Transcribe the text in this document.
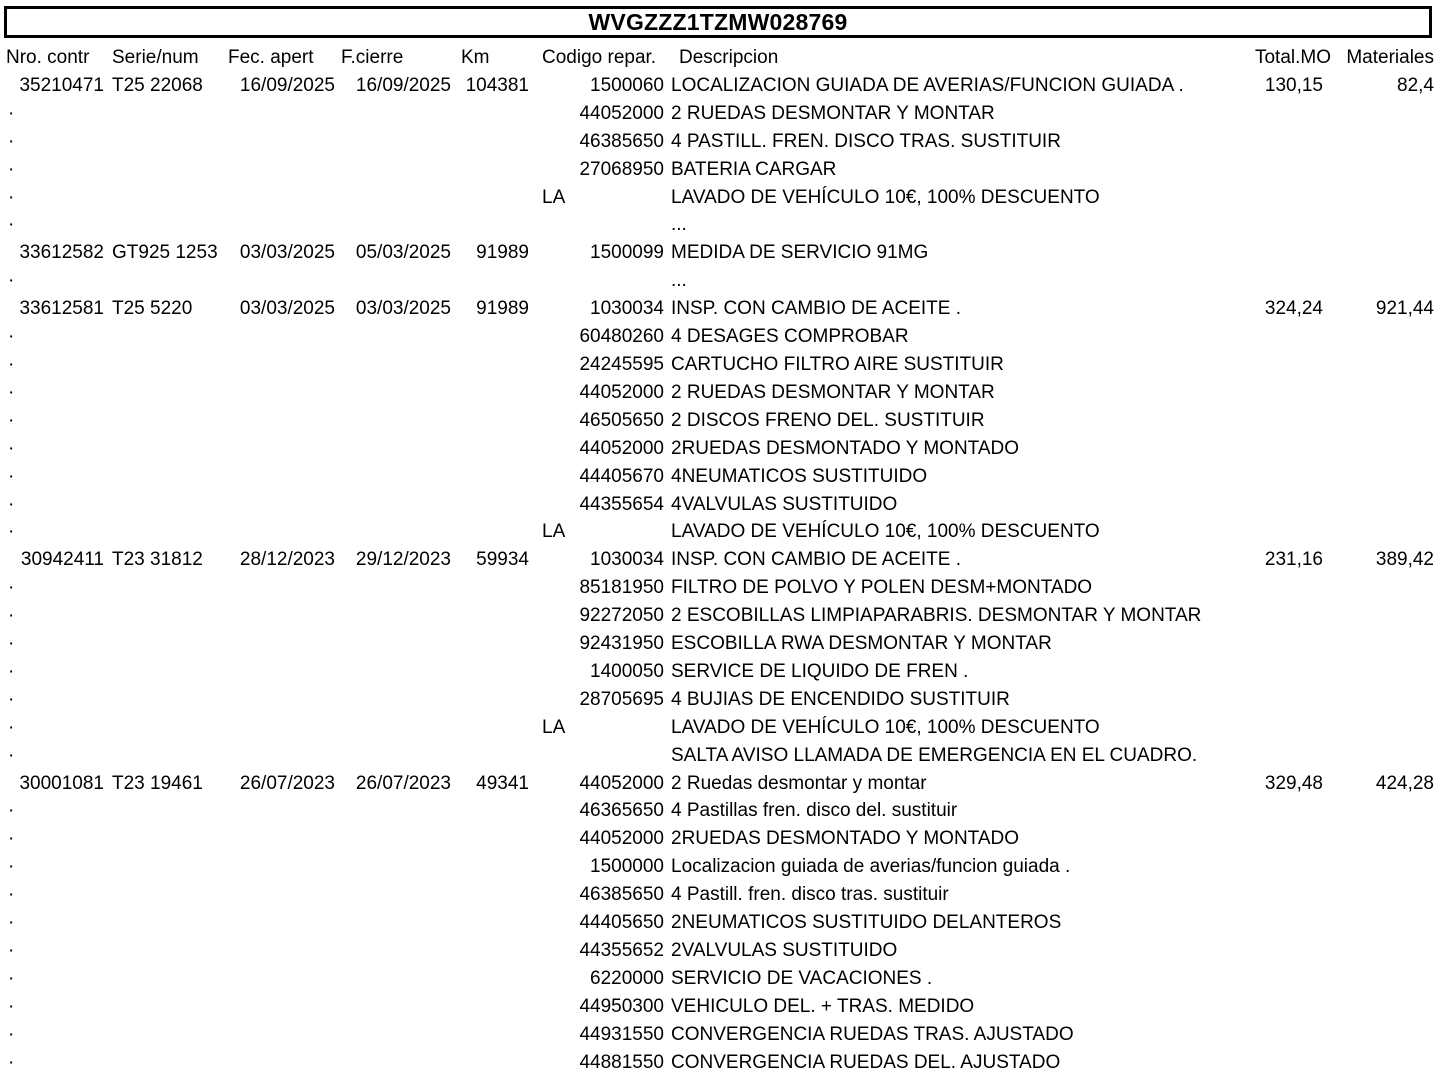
WVGZZZ1TZMW028769
Nro. contr	Serie/num	Fec. apert	F.cierre	Km	Codigo repar.	Descripcion	Total.MO	Materiales
35210471	T25 22068	16/09/2025	16/09/2025	104381	1500060	LOCALIZACION GUIADA DE AVERIAS/FUNCION GUIADA .	130,15	82,4
·					44052000	2 RUEDAS DESMONTAR Y MONTAR		
·					46385650	4 PASTILL. FREN. DISCO TRAS. SUSTITUIR		
·					27068950	BATERIA CARGAR		
·					LA	LAVADO DE VEHÍCULO 10€, 100% DESCUENTO		
·						...		
33612582	GT925 1253	03/03/2025	05/03/2025	91989	1500099	MEDIDA DE SERVICIO 91MG		
·						...		
33612581	T25 5220	03/03/2025	03/03/2025	91989	1030034	INSP. CON CAMBIO DE ACEITE .	324,24	921,44
·					60480260	4 DESAGES COMPROBAR		
·					24245595	CARTUCHO FILTRO AIRE SUSTITUIR		
·					44052000	2 RUEDAS DESMONTAR Y MONTAR		
·					46505650	2 DISCOS FRENO DEL. SUSTITUIR		
·					44052000	2RUEDAS DESMONTADO Y MONTADO		
·					44405670	4NEUMATICOS SUSTITUIDO		
·					44355654	4VALVULAS SUSTITUIDO		
·					LA	LAVADO DE VEHÍCULO 10€, 100% DESCUENTO		
30942411	T23 31812	28/12/2023	29/12/2023	59934	1030034	INSP. CON CAMBIO DE ACEITE .	231,16	389,42
·					85181950	FILTRO DE POLVO Y POLEN DESM+MONTADO		
·					92272050	2 ESCOBILLAS LIMPIAPARABRIS. DESMONTAR Y MONTAR		
·					92431950	ESCOBILLA RWA DESMONTAR Y MONTAR		
·					1400050	SERVICE DE LIQUIDO DE FREN .		
·					28705695	4 BUJIAS DE ENCENDIDO SUSTITUIR		
·					LA	LAVADO DE VEHÍCULO 10€, 100% DESCUENTO		
·						SALTA AVISO LLAMADA DE EMERGENCIA EN EL CUADRO.		
30001081	T23 19461	26/07/2023	26/07/2023	49341	44052000	2 Ruedas desmontar y montar	329,48	424,28
·					46365650	4 Pastillas fren. disco del. sustituir		
·					44052000	2RUEDAS DESMONTADO Y MONTADO		
·					1500000	Localizacion guiada de averias/funcion guiada .		
·					46385650	4 Pastill. fren. disco tras. sustituir		
·					44405650	2NEUMATICOS SUSTITUIDO DELANTEROS		
·					44355652	2VALVULAS SUSTITUIDO		
·					6220000	SERVICIO DE VACACIONES .		
·					44950300	VEHICULO DEL. + TRAS. MEDIDO		
·					44931550	CONVERGENCIA RUEDAS TRAS. AJUSTADO		
·					44881550	CONVERGENCIA RUEDAS DEL. AJUSTADO		
